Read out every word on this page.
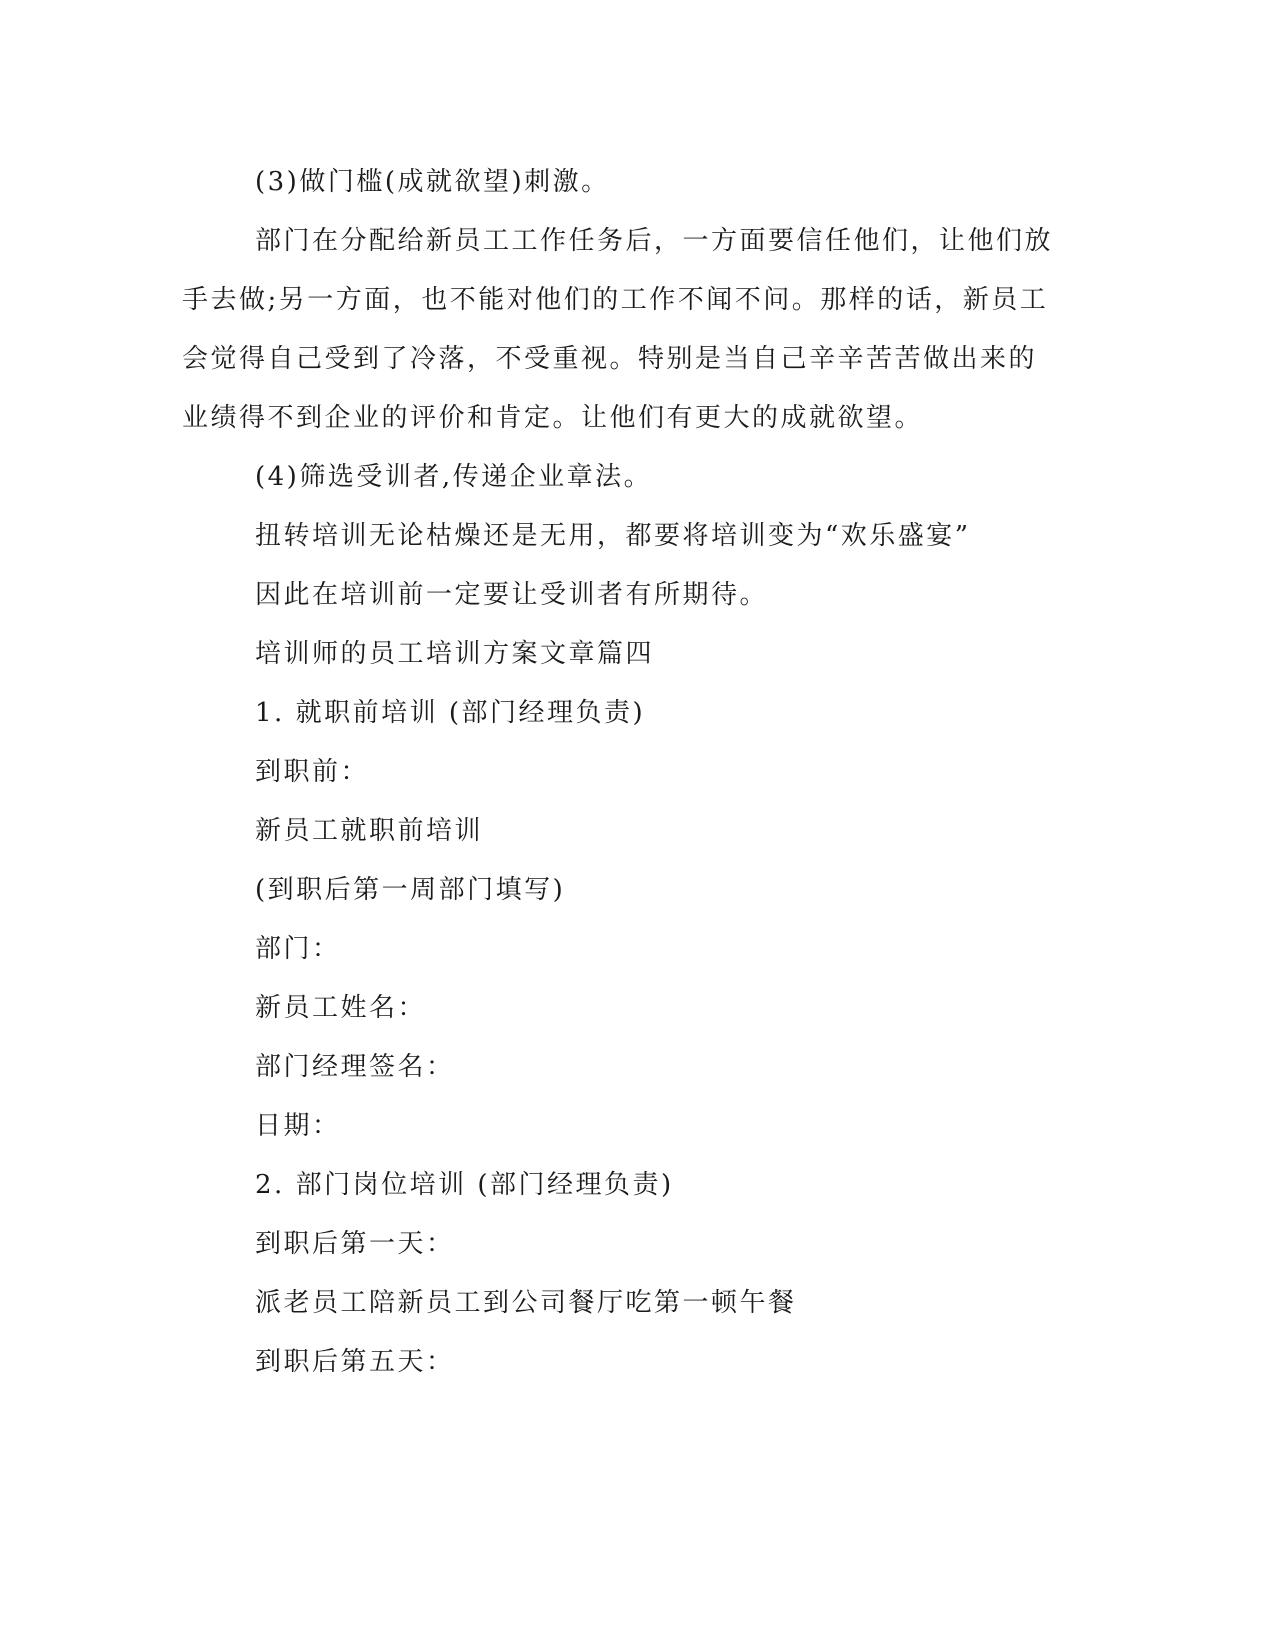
(3)做门槛(成就欲望)刺激。
部门在分配给新员工工作任务后，一方面要信任他们，让他们放
手去做;另一方面，也不能对他们的工作不闻不问。那样的话，新员工
会觉得自己受到了冷落，不受重视。特别是当自己辛辛苦苦做出来的
业绩得不到企业的评价和肯定。让他们有更大的成就欲望。
(4)筛选受训者,传递企业章法。
扭转培训无论枯燥还是无用，都要将培训变为“欢乐盛宴”
因此在培训前一定要让受训者有所期待。
培训师的员工培训方案文章篇四
1. 就职前培训 (部门经理负责)
到职前：
新员工就职前培训
(到职后第一周部门填写)
部门：
新员工姓名：
部门经理签名：
日期：
2. 部门岗位培训 (部门经理负责)
到职后第一天：
派老员工陪新员工到公司餐厅吃第一顿午餐
到职后第五天：
